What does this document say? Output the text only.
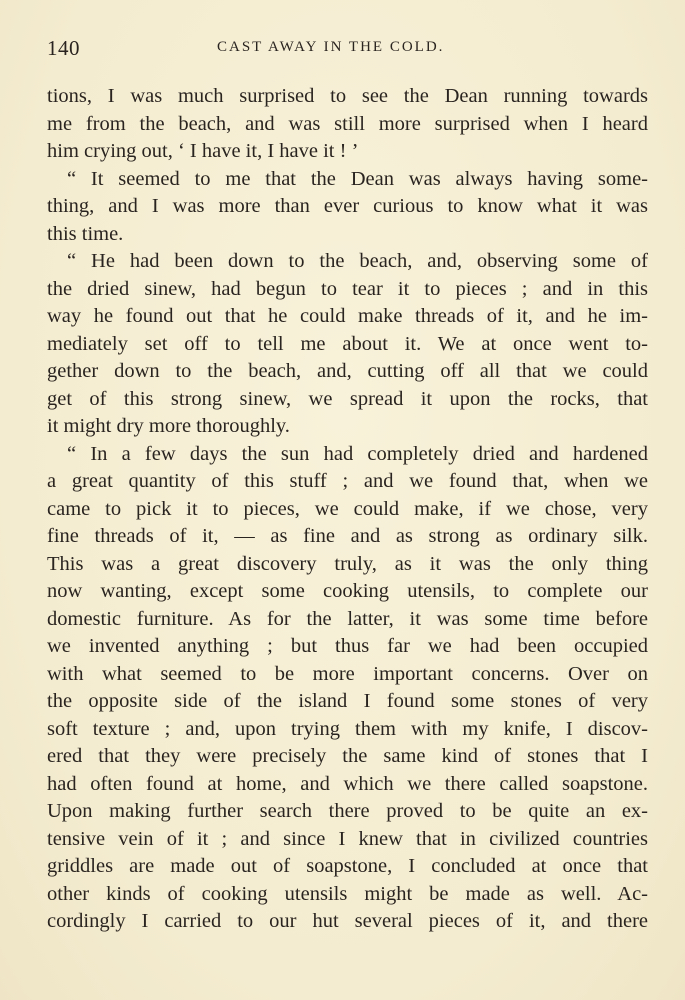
140	CAST AWAY IN THE COLD.
tions, I was much surprised to see the Dean running towards
me from the beach, and was still more surprised when I heard
him crying out, ‘ I have it, I have it ! ’
“ It seemed to me that the Dean was always having some-
thing, and I was more than ever curious to know what it was
this time.
“ He had been down to the beach, and, observing some of
the dried sinew, had begun to tear it to pieces ; and in this
way he found out that he could make threads of it, and he im-
mediately set off to tell me about it. We at once went to-
gether down to the beach, and, cutting off all that we could
get of this strong sinew, we spread it upon the rocks, that
it might dry more thoroughly.
“ In a few days the sun had completely dried and hardened
a great quantity of this stuff ; and we found that, when we
came to pick it to pieces, we could make, if we chose, very
fine threads of it, — as fine and as strong as ordinary silk.
This was a great discovery truly, as it was the only thing
now wanting, except some cooking utensils, to complete our
domestic furniture. As for the latter, it was some time before
we invented anything ; but thus far we had been occupied
with what seemed to be more important concerns. Over on
the opposite side of the island I found some stones of very
soft texture ; and, upon trying them with my knife, I discov-
ered that they were precisely the same kind of stones that I
had often found at home, and which we there called soapstone.
Upon making further search there proved to be quite an ex-
tensive vein of it ; and since I knew that in civilized countries
griddles are made out of soapstone, I concluded at once that
other kinds of cooking utensils might be made as well. Ac-
cordingly I carried to our hut several pieces of it, and there
